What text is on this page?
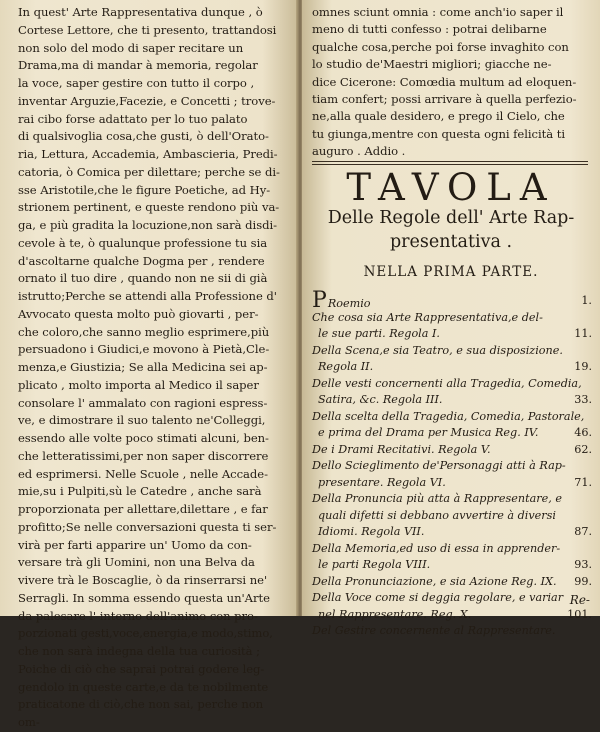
In quest' Arte Rappresentativa dunque , ò
Cortese Lettore, che ti presento, trattandosi
non solo del modo di saper recitare un
Drama,ma di mandar à memoria, regolar
la voce, saper gestire con tutto il corpo ,
inventar Arguzie,Facezie, e Concetti ; trove-
rai cibo forse adattato per lo tuo palato
di qualsivoglia cosa,che gusti, ò dell'Orato-
ria, Lettura, Accademia, Ambascieria, Predi-
catoria, ò Comica per dilettare; perche se di-
sse Aristotile,che le figure Poetiche, ad Hy-
strionem pertinent, e queste rendono più va-
ga, e più gradita la locuzione,non sarà disdi-
cevole à te, ò qualunque professione tu sia
d'ascoltarne qualche Dogma per , rendere
ornato il tuo dire , quando non ne sii di già
istrutto;Perche se attendi alla Professione d'
Avvocato questa molto può giovarti , per-
che coloro,che sanno meglio esprimere,più
persuadono i Giudici,e movono à Pietà,Cle-
menza,e Giustizia; Se alla Medicina sei ap-
plicato , molto importa al Medico il saper
consolare l' ammalato con ragioni espress-
ve, e dimostrare il suo talento ne'Colleggi,
essendo alle volte poco stimati alcuni, ben-
che letteratissimi,per non saper discorrere
ed esprimersi. Nelle Scuole , nelle Accade-
mie,su i Pulpiti,sù le Catedre , anche sarà
proporzionata per allettare,dilettare , e far
profitto;Se nelle conversazioni questa ti ser-
virà per farti apparire un' Uomo da con-
versare trà gli Uomini, non una Belva da
vivere trà le Boscaglie, ò da rinserrarsi ne'
Serragli. In somma essendo questa un'Arte
da palesare l' interno dell'animo con pro-
porzionati gesti,voce,energia,e modo,stimo,
che non sarà indegna della tua curiosità ;
Poiche di ciò che saprai potrai godere leg-
gendolo in queste carte,e da te nobilmente
praticatone di ciò,che non sai, perche non
om-
omnes sciunt omnia : come anch'io saper il
meno di tutti confesso : potrai delibarne
qualche cosa,perche poi forse invaghito con
lo studio de'Maestri migliori; giacche ne-
dice Cicerone: Comœdia multum ad eloquen-
tiam confert; possi arrivare à quella perfezio-
ne,alla quale desidero, e prego il Cielo, che
tu giunga,mentre con questa ogni felicità ti
auguro . Addio .
TAVOLA
Delle Regole dell' Arte Rap-
presentativa .
NELLA PRIMA PARTE.
PRoemio	1.
Che cosa sia Arte Rappresentativa,e del-
le sue parti. Regola I.	11.
Della Scena,e sia Teatro, e sua disposizione.
Regola II.	19.
Delle vesti concernenti alla Tragedia, Comedia,
Satira, &c. Regola III.	33.
Della scelta della Tragedia, Comedia, Pastorale,
e prima del Drama per Musica Reg. IV.	46.
De i Drami Recitativi. Regola V.	62.
Dello Scieglimento de'Personaggi atti à Rap-
presentare. Regola VI.	71.
Della Pronuncia più atta à Rappresentare, e
quali difetti si debbano avvertire à diversi
Idiomi. Regola VII.	87.
Della Memoria,ed uso di essa in apprender-
le parti Regola VIII.	93.
Della Pronunciazione, e sia Azione Reg. IX. 99.
Della Voce come si deggia regolare, e variar
nel Rappresentare. Reg. X.	101.
Del Gestire concernente al Rappresentare.
Re-
